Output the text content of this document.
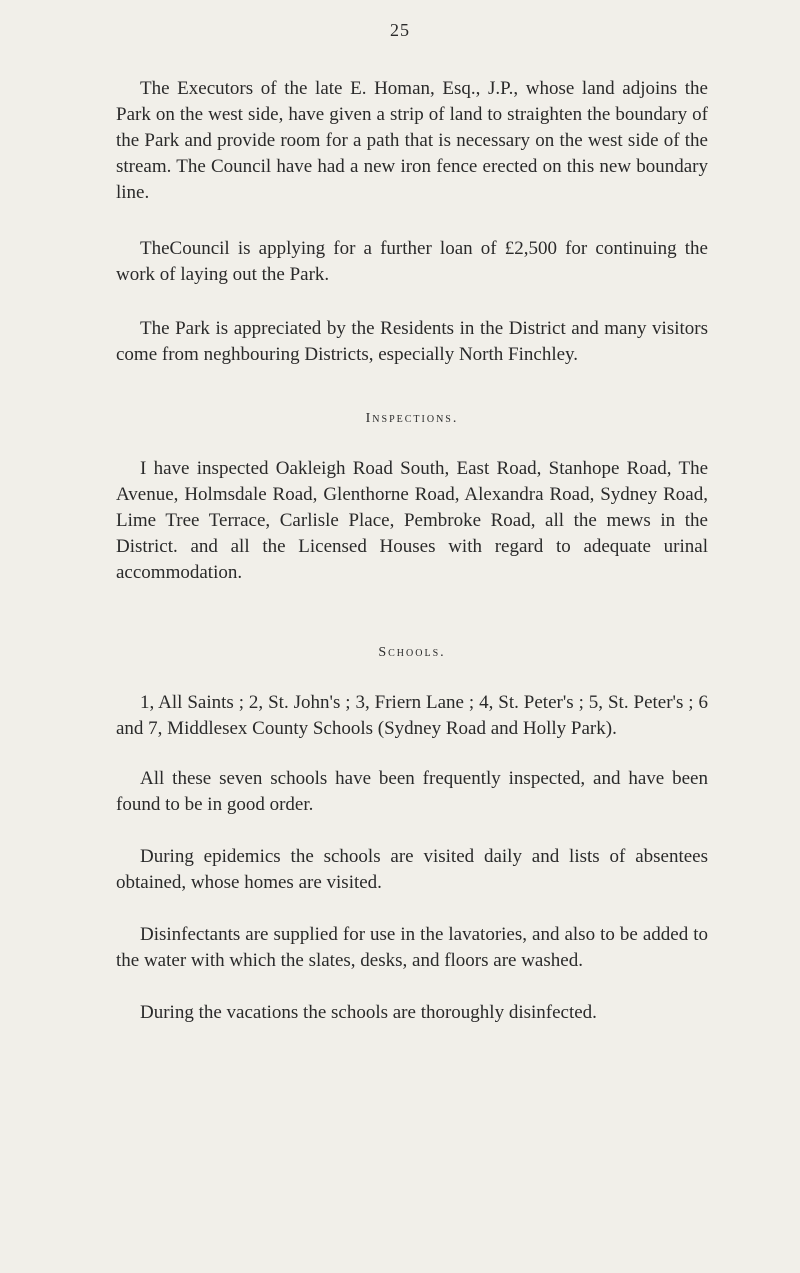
25

The Executors of the late E. Homan, Esq., J.P., whose land adjoins the Park on the west side, have given a strip of land to straighten the boundary of the Park and provide room for a path that is necessary on the west side of the stream. The Council have had a new iron fence erected on this new boundary line.

TheCouncil is applying for a further loan of £2,500 for continuing the work of laying out the Park.

The Park is appreciated by the Residents in the District and many visitors come from neghbouring Districts, especially North Finchley.

Inspections.

I have inspected Oakleigh Road South, East Road, Stanhope Road, The Avenue, Holmsdale Road, Glenthorne Road, Alexandra Road, Sydney Road, Lime Tree Terrace, Carlisle Place, Pembroke Road, all the mews in the District. and all the Licensed Houses with regard to adequate urinal accommodation.

Schools.

1, All Saints ; 2, St. John's ; 3, Friern Lane ; 4, St. Peter's ; 5, St. Peter's ; 6 and 7, Middlesex County Schools (Sydney Road and Holly Park).

All these seven schools have been frequently inspected, and have been found to be in good order.

During epidemics the schools are visited daily and lists of absentees obtained, whose homes are visited.

Disinfectants are supplied for use in the lavatories, and also to be added to the water with which the slates, desks, and floors are washed.

During the vacations the schools are thoroughly disinfected.
